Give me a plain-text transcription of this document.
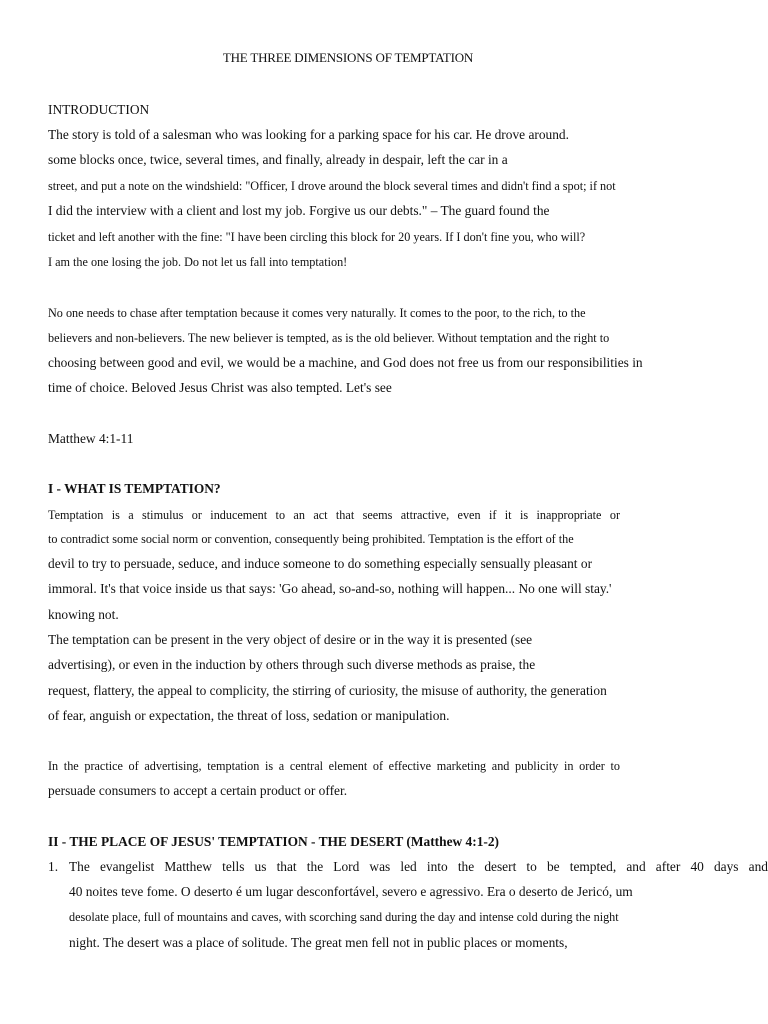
THE THREE DIMENSIONS OF TEMPTATION
INTRODUCTION
The story is told of a salesman who was looking for a parking space for his car. He drove around.
some blocks once, twice, several times, and finally, already in despair, left the car in a
street, and put a note on the windshield: "Officer, I drove around the block several times and didn't find a spot; if not
I did the interview with a client and lost my job. Forgive us our debts." – The guard found the
ticket and left another with the fine: "I have been circling this block for 20 years. If I don't fine you, who will?
I am the one losing the job. Do not let us fall into temptation!
No one needs to chase after temptation because it comes very naturally. It comes to the poor, to the rich, to the
believers and non-believers. The new believer is tempted, as is the old believer. Without temptation and the right to
choosing between good and evil, we would be a machine, and God does not free us from our responsibilities in
time of choice. Beloved Jesus Christ was also tempted. Let's see
Matthew 4:1-11
I - WHAT IS TEMPTATION?
Temptation is a stimulus or inducement to an act that seems attractive, even if it is inappropriate or
to contradict some social norm or convention, consequently being prohibited. Temptation is the effort of the
devil to try to persuade, seduce, and induce someone to do something especially sensually pleasant or
immoral. It's that voice inside us that says: 'Go ahead, so-and-so, nothing will happen... No one will stay.'
knowing not.
The temptation can be present in the very object of desire or in the way it is presented (see
advertising), or even in the induction by others through such diverse methods as praise, the
request, flattery, the appeal to complicity, the stirring of curiosity, the misuse of authority, the generation
of fear, anguish or expectation, the threat of loss, sedation or manipulation.
In the practice of advertising, temptation is a central element of effective marketing and publicity in order to
persuade consumers to accept a certain product or offer.
II - THE PLACE OF JESUS' TEMPTATION - THE DESERT (Matthew 4:1-2)
1. The evangelist Matthew tells us that the Lord was led into the desert to be tempted, and after 40 days and
40 noites teve fome. O deserto é um lugar desconfortável, severo e agressivo. Era o deserto de Jericó, um
desolate place, full of mountains and caves, with scorching sand during the day and intense cold during the night
night. The desert was a place of solitude. The great men fell not in public places or moments,
